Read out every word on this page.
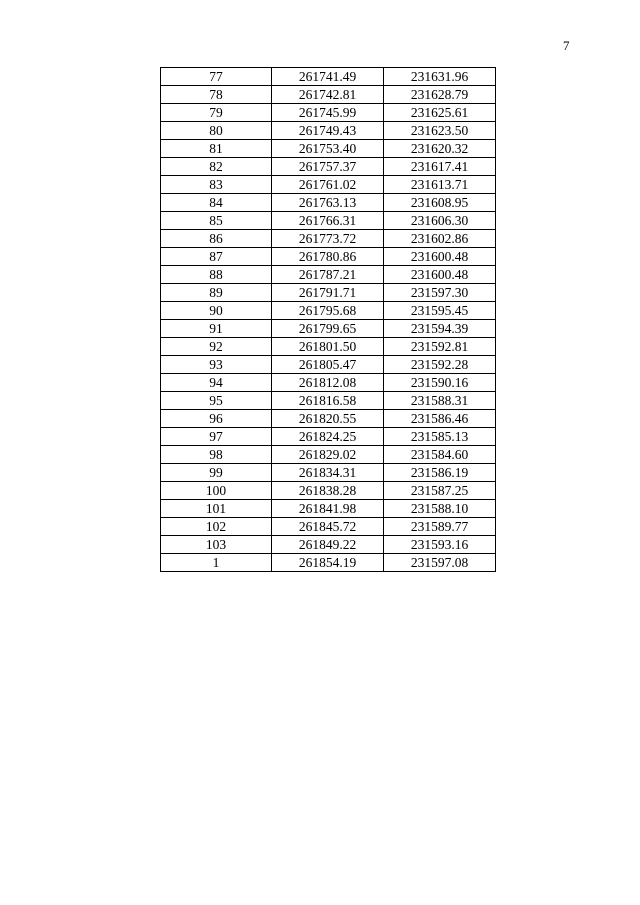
7
77	261741.49	231631.96
78	261742.81	231628.79
79	261745.99	231625.61
80	261749.43	231623.50
81	261753.40	231620.32
82	261757.37	231617.41
83	261761.02	231613.71
84	261763.13	231608.95
85	261766.31	231606.30
86	261773.72	231602.86
87	261780.86	231600.48
88	261787.21	231600.48
89	261791.71	231597.30
90	261795.68	231595.45
91	261799.65	231594.39
92	261801.50	231592.81
93	261805.47	231592.28
94	261812.08	231590.16
95	261816.58	231588.31
96	261820.55	231586.46
97	261824.25	231585.13
98	261829.02	231584.60
99	261834.31	231586.19
100	261838.28	231587.25
101	261841.98	231588.10
102	261845.72	231589.77
103	261849.22	231593.16
1	261854.19	231597.08
